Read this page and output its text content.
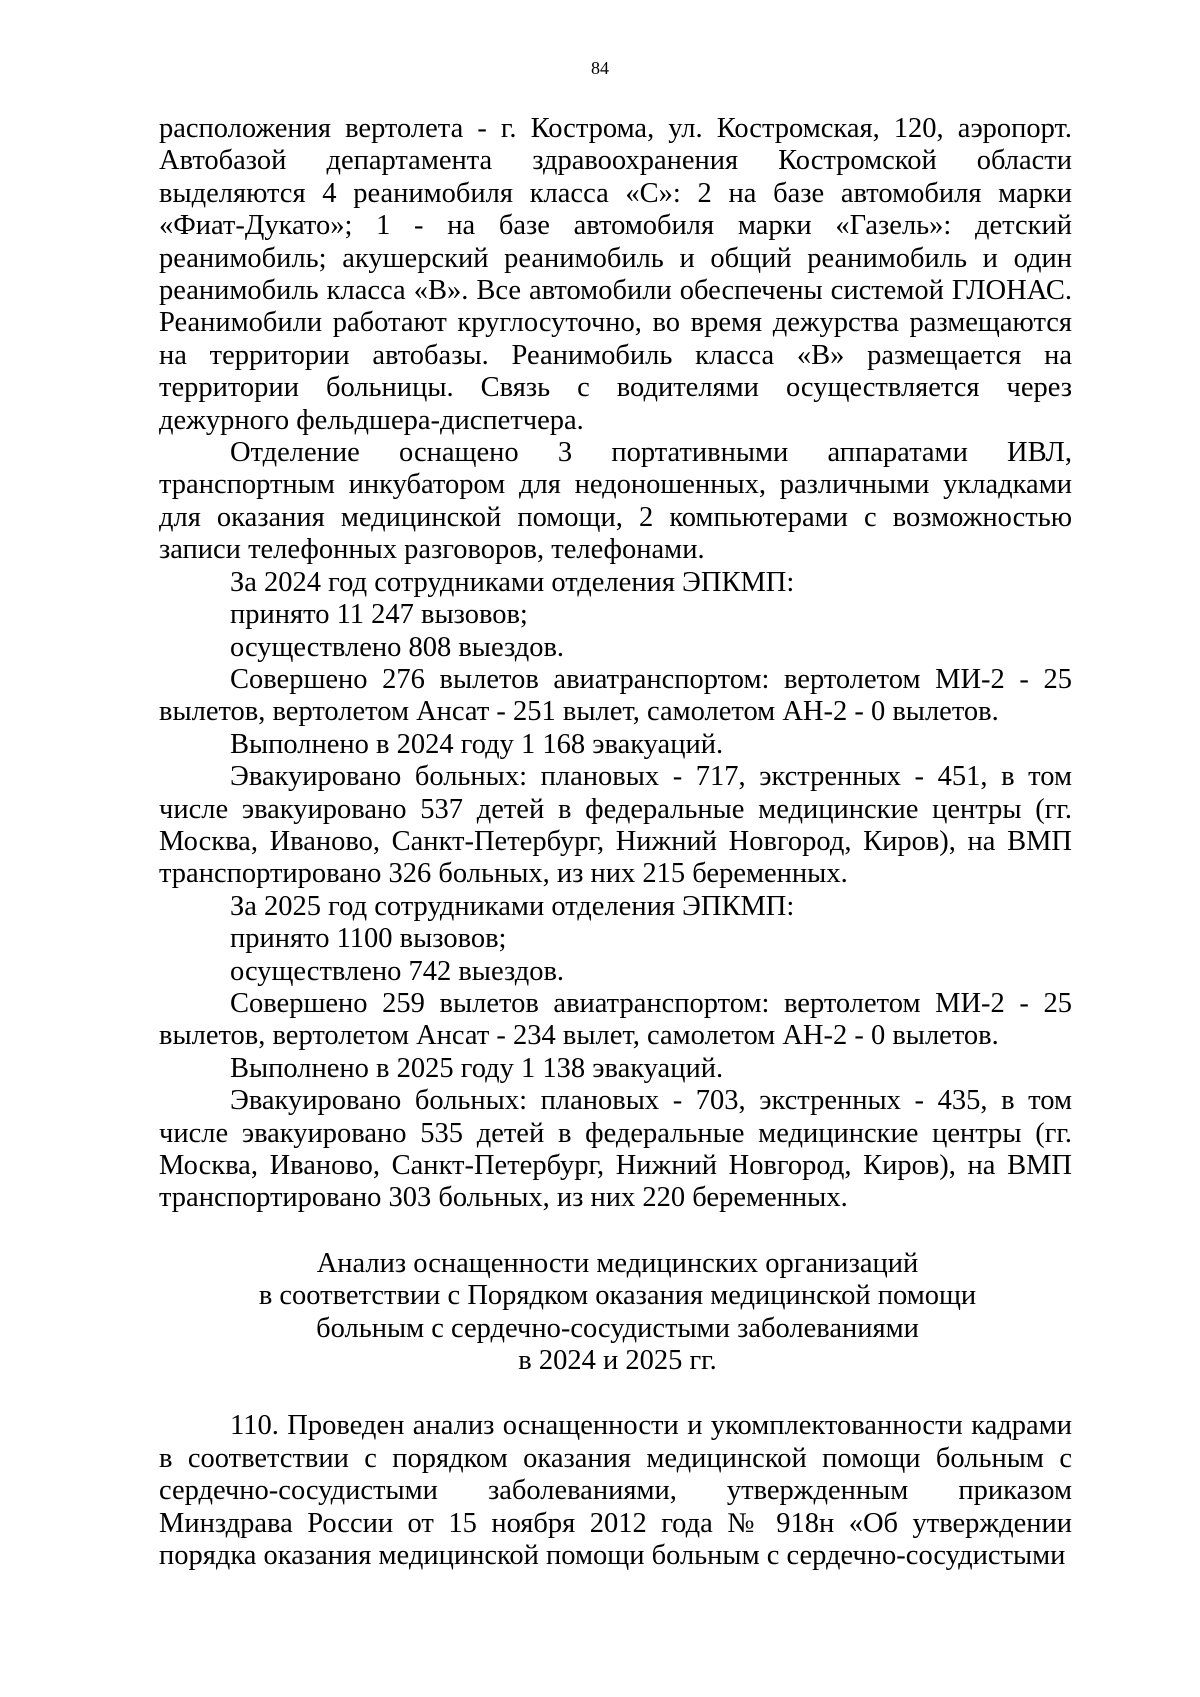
84

расположения вертолета - г. Кострома, ул. Костромская, 120, аэропорт. Автобазой департамента здравоохранения Костромской области выделяются 4 реанимобиля класса «С»: 2 на базе автомобиля марки «Фиат-Дукато»; 1 - на базе автомобиля марки «Газель»: детский реанимобиль; акушерский реанимобиль и общий реанимобиль и один реанимобиль класса «В». Все автомобили обеспечены системой ГЛОНАС. Реанимобили работают круглосуточно, во время дежурства размещаются на территории автобазы. Реанимобиль класса «В» размещается на территории больницы. Связь с водителями осуществляется через дежурного фельдшера-диспетчера.

Отделение оснащено 3 портативными аппаратами ИВЛ, транспортным инкубатором для недоношенных, различными укладками для оказания медицинской помощи, 2 компьютерами с возможностью записи телефонных разговоров, телефонами.

За 2024 год сотрудниками отделения ЭПКМП:

принято 11 247 вызовов;

осуществлено 808 выездов.

Совершено 276 вылетов авиатранспортом: вертолетом МИ-2 - 25 вылетов, вертолетом Ансат - 251 вылет, самолетом АН-2 - 0 вылетов.

Выполнено в 2024 году 1 168 эвакуаций.

Эвакуировано больных: плановых - 717, экстренных - 451, в том числе эвакуировано 537 детей в федеральные медицинские центры (гг. Москва, Иваново, Санкт-Петербург, Нижний Новгород, Киров), на ВМП транспортировано 326 больных, из них 215 беременных.

За 2025 год сотрудниками отделения ЭПКМП:

принято 1100 вызовов;

осуществлено 742 выездов.

Совершено 259 вылетов авиатранспортом: вертолетом МИ-2 - 25 вылетов, вертолетом Ансат - 234 вылет, самолетом АН-2 - 0 вылетов.

Выполнено в 2025 году 1 138 эвакуаций.

Эвакуировано больных: плановых - 703, экстренных - 435, в том числе эвакуировано 535 детей в федеральные медицинские центры (гг. Москва, Иваново, Санкт-Петербург, Нижний Новгород, Киров), на ВМП транспортировано 303 больных, из них 220 беременных.

Анализ оснащенности медицинских организаций

в соответствии с Порядком оказания медицинской помощи

больным с сердечно-сосудистыми заболеваниями

в 2024 и 2025 гг.

110. Проведен анализ оснащенности и укомплектованности кадрами в соответствии с порядком оказания медицинской помощи больным с сердечно-сосудистыми заболеваниями, утвержденным приказом Минздрава России от 15 ноября 2012 года № 918н «Об утверждении порядка оказания медицинской помощи больным с сердечно-сосудистыми
